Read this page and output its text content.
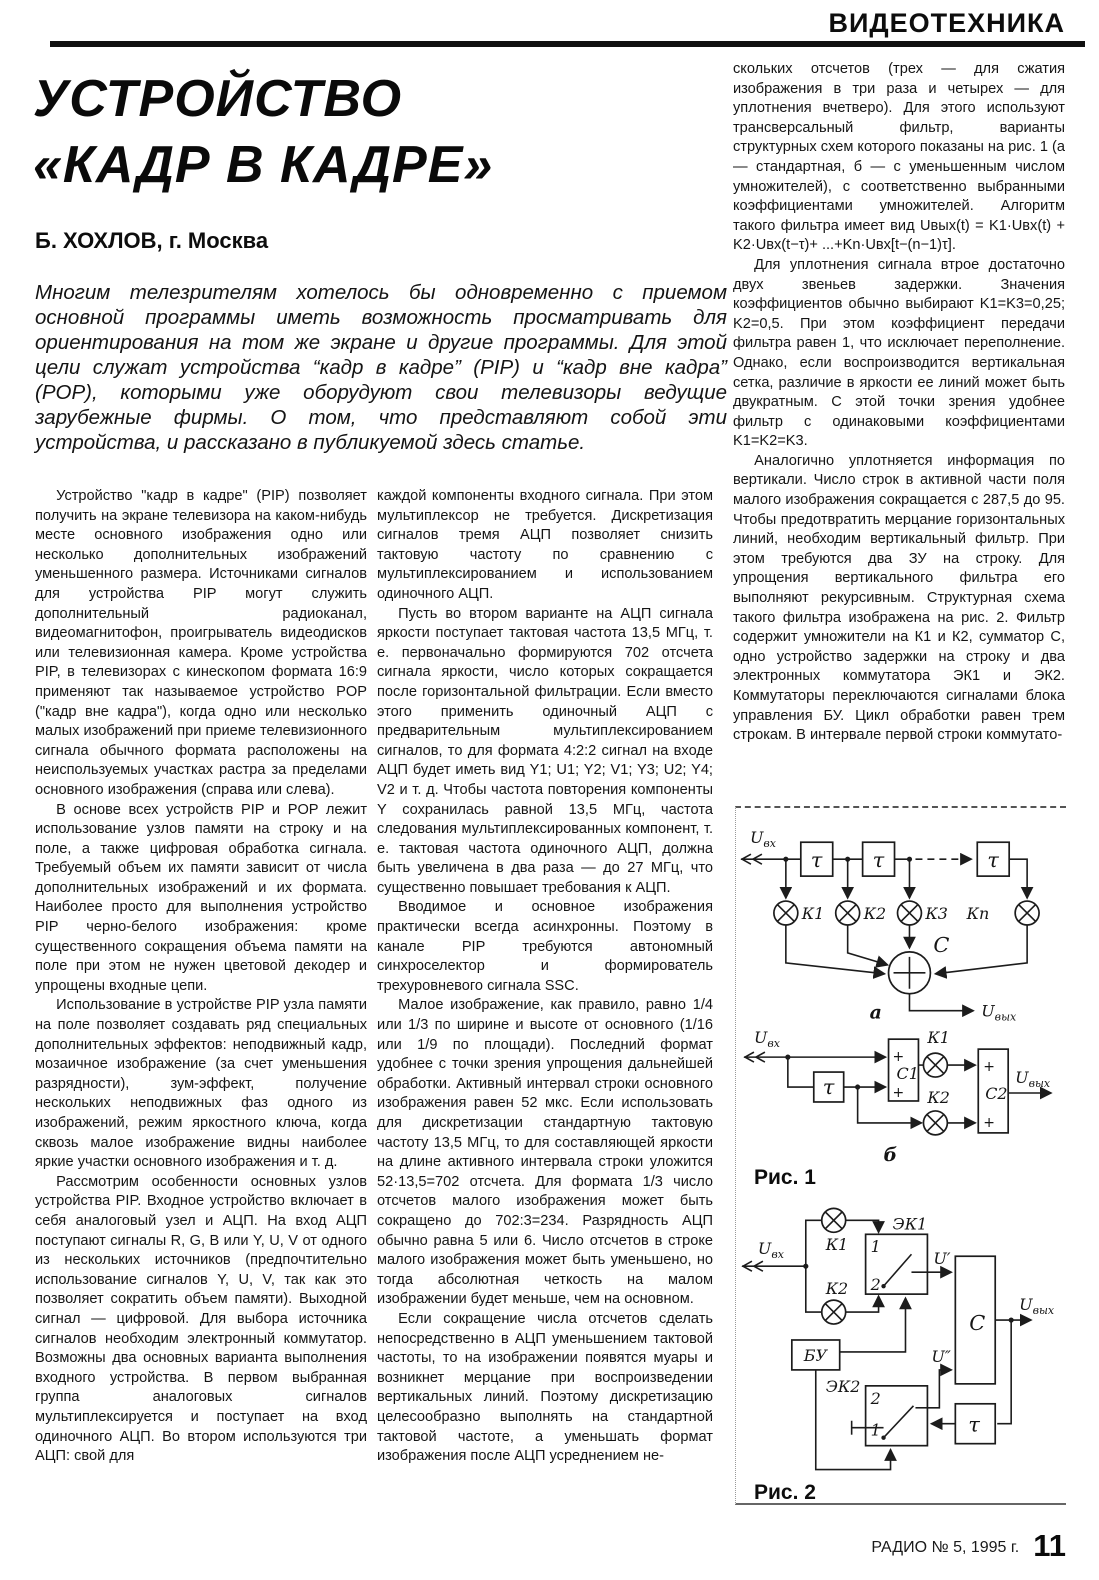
ВИДЕОТЕХНИКА
УСТРОЙСТВО
«КАДР В КАДРЕ»
Б. ХОХЛОВ, г. Москва
Многим телезрителям хотелось бы одновременно с приемом основной программы иметь возможность просматривать для ориентирования на том же экране и другие программы. Для этой цели служат устройства “кадр в кадре” (PIP) и “кадр вне кадра” (POP), которыми уже оборудуют свои телевизоры ведущие зарубежные фирмы. О том, что представляют собой эти устройства, и рассказано в публикуемой здесь статье.

Устройство "кадр в кадре" (PIP) позволяет получить на экране телевизора на каком-нибудь месте основного изображения одно или несколько дополнительных изображений уменьшенного размера. Источниками сигналов для устройства PIP могут служить дополнительный радиоканал, видеомагнитофон, проигрыватель видеодисков или телевизионная камера. Кроме устройства PIP, в телевизорах с кинескопом формата 16:9 применяют так называемое устройство POP ("кадр вне кадра"), когда одно или несколько малых изображений при приеме телевизионного сигнала обычного формата расположены на неиспользуемых участках растра за пределами основного изображения (справа или слева).

В основе всех устройств PIP и POP лежит использование узлов памяти на строку и на поле, а также цифровая обработка сигнала. Требуемый объем их памяти зависит от числа дополнительных изображений и их формата. Наиболее просто для выполнения устройство PIP черно-белого изображения: кроме существенного сокращения объема памяти на поле при этом не нужен цветовой декодер и упрощены входные цепи.

Использование в устройстве PIP узла памяти на поле позволяет создавать ряд специальных дополнительных эффектов: неподвижный кадр, мозаичное изображение (за счет уменьшения разрядности), зум-эффект, получение нескольких неподвижных фаз одного из изображений, режим яркостного ключа, когда сквозь малое изображение видны наиболее яркие участки основного изображения и т. д.

Рассмотрим особенности основных узлов устройства PIP. Входное устройство включает в себя аналоговый узел и АЦП. На вход АЦП поступают сигналы R, G, B или Y, U, V от одного из нескольких источников (предпочтительно использование сигналов Y, U, V, так как это позволяет сократить объем памяти). Выходной сигнал — цифровой. Для выбора источника сигналов необходим электронный коммутатор. Возможны два основных варианта выполнения входного устройства. В первом выбранная группа аналоговых сигналов мультиплексируется и поступает на вход одиночного АЦП. Во втором используются три АЦП: свой для

каждой компоненты входного сигнала. При этом мультиплексор не требуется. Дискретизация сигналов тремя АЦП позволяет снизить тактовую частоту по сравнению с мультиплексированием и использованием одиночного АЦП.

Пусть во втором варианте на АЦП сигнала яркости поступает тактовая частота 13,5 МГц, т. е. первоначально формируются 702 отсчета сигнала яркости, число которых сокращается после горизонтальной фильтрации. Если вместо этого применить одиночный АЦП с предварительным мультиплексированием сигналов, то для формата 4:2:2 сигнал на входе АЦП будет иметь вид Y1; U1; Y2; V1; Y3; U2; Y4; V2 и т. д. Чтобы частота повторения компоненты Y сохранилась равной 13,5 МГц, частота следования мультиплексированных компонент, т. е. тактовая частота одиночного АЦП, должна быть увеличена в два раза — до 27 МГц, что существенно повышает требования к АЦП.

Вводимое и основное изображения практически всегда асинхронны. Поэтому в канале PIP требуются автономный синхроселектор и формирователь трехуровневого сигнала SSC.

Малое изображение, как правило, равно 1/4 или 1/3 по ширине и высоте от основного (1/16 или 1/9 по площади). Последний формат удобнее с точки зрения упрощения дальнейшей обработки. Активный интервал строки основного изображения равен 52 мкс. Если использовать для дискретизации стандартную тактовую частоту 13,5 МГц, то для составляющей яркости на длине активного интервала строки уложится 52·13,5=702 отсчета. Для формата 1/3 число отсчетов малого изображения может быть сокращено до 702:3=234. Разрядность АЦП обычно равна 5 или 6. Число отсчетов в строке малого изображения может быть уменьшено, но тогда абсолютная четкость на малом изображении будет меньше, чем на основном.

Если сокращение числа отсчетов сделать непосредственно в АЦП уменьшением тактовой частоты, то на изображении появятся муары и возникнет мерцание при воспроизведении вертикальных линий. Поэтому дискретизацию целесообразно выполнять на стандартной тактовой частоте, а уменьшать формат изображения после АЦП усреднением не-

скольких отсчетов (трех — для сжатия изображения в три раза и четырех — для уплотнения вчетверо). Для этого используют трансверсальный фильтр, варианты структурных схем которого показаны на рис. 1 (а — стандартная, б — с уменьшенным числом умножителей), с соответственно выбранными коэффициентами умножителей. Алгоритм такого фильтра имеет вид Uвых(t) = K1·Uвх(t) + K2·Uвх(t−τ)+ ...+Kn·Uвх[t−(n−1)τ].

Для уплотнения сигнала втрое достаточно двух звеньев задержки. Значения коэффициентов обычно выбирают K1=K3=0,25; K2=0,5. При этом коэффициент передачи фильтра равен 1, что исключает переполнение. Однако, если воспроизводится вертикальная сетка, различие в яркости ее линий может быть двукратным. С этой точки зрения удобнее фильтр с одинаковыми коэффициентами K1=K2=K3.

Аналогично уплотняется информация по вертикали. Число строк в активной части поля малого изображения сокращается с 287,5 до 95. Чтобы предотвратить мерцание горизонтальных линий, необходим вертикальный фильтр. При этом требуются два ЗУ на строку. Для упрощения вертикального фильтра его выполняют рекурсивным. Структурная схема такого фильтра изображена на рис. 2. Фильтр содержит умножители на К1 и К2, сумматор С, одно устройство задержки на строку и два электронных коммутатора ЭК1 и ЭК2. Коммутаторы переключаются сигналами блока управления БУ. Цикл обработки равен трем строкам. В интервале первой строки коммутато-

$U_{вх}$
τ τ	τ
К1 К2 К3 Кn
С
$U_{вых}$
а
$U_{вх}$
τ
+
+
С1
К1
К2
+
+
С2
$U_{вых}$
б
Рис. 1
$U_{вх}$
К1
К2
ЭК1
1
2
U′
С
БУ
ЭК2
2
1
U″
τ
$U_{вых}$
Рис. 2
РАДИО № 5, 1995 г. 11
